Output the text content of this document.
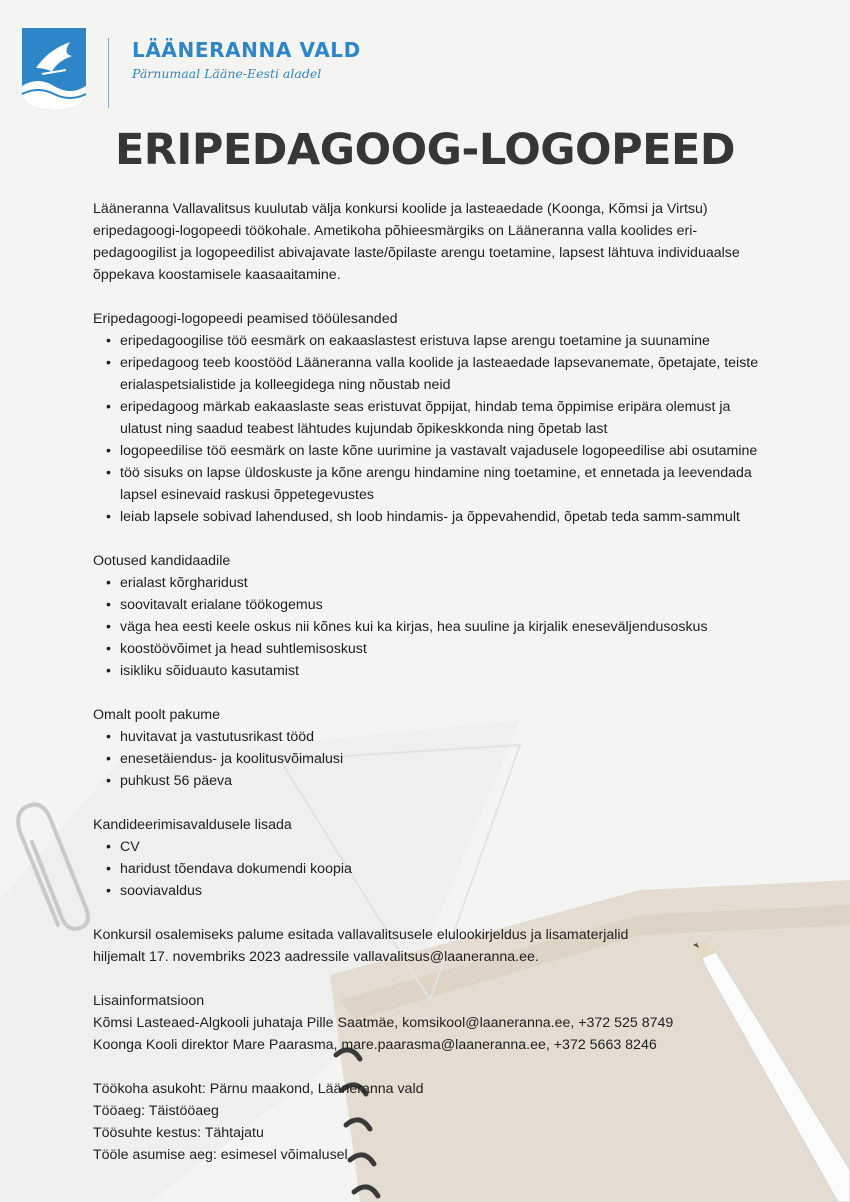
LÄÄNERANNA VALD
Pärnumaal Lääne-Eesti aladel
ERIPEDAGOOG-LOGOPEED

Lääneranna Vallavalitsus kuulutab välja konkursi koolide ja lasteaedade (Koonga, Kõmsi ja Virtsu) eripedagoogi-logopeedi töökohale. Ametikoha põhieesmärgiks on Lääneranna valla koolides eri-pedagoogilist ja logopeedilist abivajavate laste/õpilaste arengu toetamine, lapsest lähtuva individuaalse õppekava koostamisele kaasaaitamine.

Eripedagoogi-logopeedi peamised tööülesanded
• eripedagoogilise töö eesmärk on eakaaslastest eristuva lapse arengu toetamine ja suunamine
• eripedagoog teeb koostööd Lääneranna valla koolide ja lasteaedade lapsevanemate, õpetajate, teiste erialaspetsialistide ja kolleegidega ning nõustab neid
• eripedagoog märkab eakaaslaste seas eristuvat õppijat, hindab tema õppimise eripära olemust ja ulatust ning saadud teabest lähtudes kujundab õpikeskkonda ning õpetab last
• logopeedilise töö eesmärk on laste kõne uurimine ja vastavalt vajadusele logopeedilise abi osutamine
• töö sisuks on lapse üldoskuste ja kõne arengu hindamine ning toetamine, et ennetada ja leevendada lapsel esinevaid raskusi õppetegevustes
• leiab lapsele sobivad lahendused, sh loob hindamis- ja õppevahendid, õpetab teda samm-sammult
Ootused kandidaadile
• erialast kõrgharidust
• soovitavalt erialane töökogemus
• väga hea eesti keele oskus nii kõnes kui ka kirjas, hea suuline ja kirjalik eneseväljendusoskus
• koostöövõimet ja head suhtlemisoskust
• isikliku sõiduauto kasutamist
Omalt poolt pakume
• huvitavat ja vastutusrikast tööd
• enesetäiendus- ja koolitusvõimalusi
• puhkust 56 päeva
Kandideerimisavaldusele lisada
• CV
• haridust tõendava dokumendi koopia
• sooviavaldus
Konkursil osalemiseks palume esitada vallavalitsusele elulookirjeldus ja lisamaterjalid
hiljemalt 17. novembriks 2023 aadressile vallavalitsus@laaneranna.ee.
Lisainformatsioon
Kõmsi Lasteaed-Algkooli juhataja Pille Saatmäe, komsikool@laaneranna.ee, +372 525 8749
Koonga Kooli direktor Mare Paarasma, mare.paarasma@laaneranna.ee, +372 5663 8246
Töökoha asukoht: Pärnu maakond, Lääneranna vald
Tööaeg: Täistööaeg
Töösuhte kestus: Tähtajatu
Tööle asumise aeg: esimesel võimalusel
